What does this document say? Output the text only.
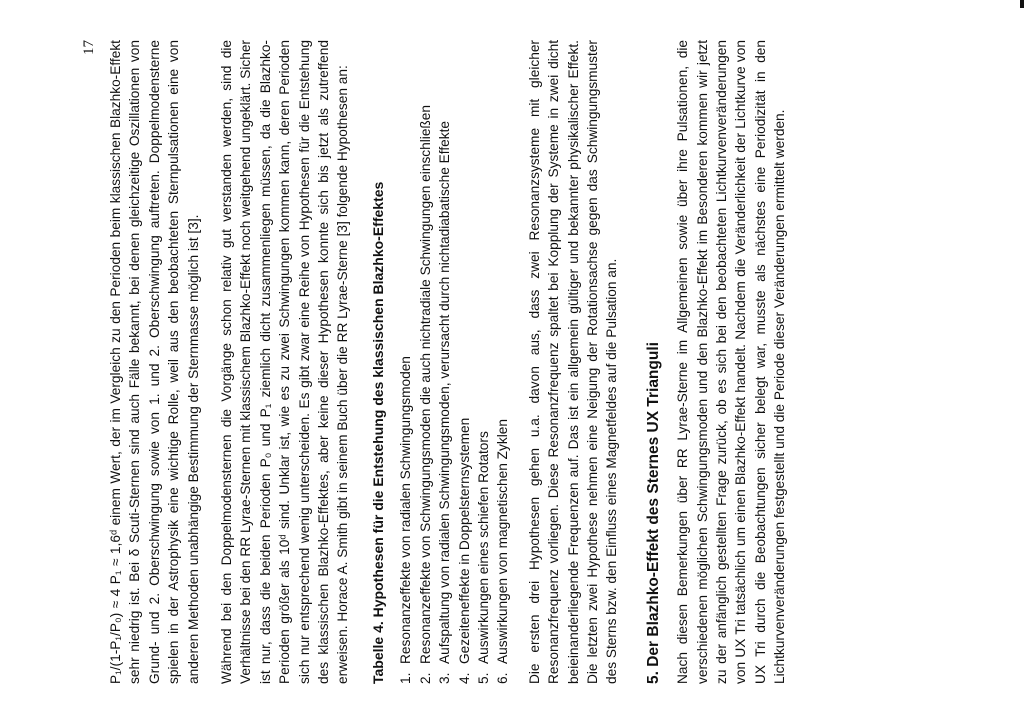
17 P₁/(1-P₁/P₀) ≈ 4 P₁ ≈ 1,6ᵈ einem Wert, der im Vergleich zu den Perioden beim klassischen Blazhko-Effekt sehr niedrig ist. Bei δ Scuti-Sternen sind auch Fälle bekannt, bei denen gleichzeitige Oszillationen von Grund- und 2. Oberschwingung sowie von 1. und 2. Oberschwingung auftreten. Doppelmodensterne spielen in der Astrophysik eine wichtige Rolle, weil aus den beobachteten Sternpulsationen eine von anderen Methoden unabhängige Bestimmung der Sternmasse möglich ist [3]. Während bei den Doppelmodensternen die Vorgänge schon relativ gut verstanden werden, sind die Verhältnisse bei den RR Lyrae-Sternen mit klassischem Blazhko-Effekt noch weitgehend ungeklärt. Sicher ist nur, dass die beiden Perioden P₀ und P₁ ziemlich dicht zusammenliegen müssen, da die Blazhko-Perioden größer als 10ᵈ sind. Unklar ist, wie es zu zwei Schwingungen kommen kann, deren Perioden sich nur entsprechend wenig unterscheiden. Es gibt zwar eine Reihe von Hypothesen für die Entstehung des klassischen Blazhko-Effektes, aber keine dieser Hypothesen konnte sich bis jetzt als zutreffend erweisen. Horace A. Smith gibt in seinem Buch über die RR Lyrae-Sterne [3] folgende Hypothesen an: Tabelle 4. Hypothesen für die Entstehung des klassischen Blazhko-Effektes 1.
Resonanzeffekte von radialen Schwingungsmoden
2.
Resonanzeffekte von Schwingungsmoden die auch nichtradiale Schwingungen einschließen
3.
Aufspaltung von radialen Schwingungsmoden, verursacht durch nichtadiabatische Effekte
4.
Gezeiteneffekte in Doppelsternsystemen
5.
Auswirkungen eines schiefen Rotators
6.
Auswirkungen von magnetischen Zyklen Die ersten drei Hypothesen gehen u.a. davon aus, dass zwei Resonanzsysteme mit gleicher Resonanzfrequenz vorliegen. Diese Resonanzfrequenz spaltet bei Kopplung der Systeme in zwei dicht beieinanderliegende Frequenzen auf. Das ist ein allgemein gültiger und bekannter physikalischer Effekt. Die letzten zwei Hypothese nehmen eine Neigung der Rotationsachse gegen das Schwingungsmuster des Sterns bzw. den Einfluss eines Magnetfeldes auf die Pulsation an. 5. Der Blazhko-Effekt des Sternes UX Trianguli Nach diesen Bemerkungen über RR Lyrae-Sterne im Allgemeinen sowie über ihre Pulsationen, die verschiedenen möglichen Schwingungsmoden und den Blazhko-Effekt im Besonderen kommen wir jetzt zu der anfänglich gestellten Frage zurück, ob es sich bei den beobachteten Lichtkurvenveränderungen von UX Tri tatsächlich um einen Blazhko-Effekt handelt. Nachdem die Veränderlichkeit der Lichtkurve von UX Tri durch die Beobachtungen sicher belegt war, musste als nächstes eine Periodizität in den Lichtkurvenveränderungen festgestellt und die Periode dieser Veränderungen ermittelt werden.
